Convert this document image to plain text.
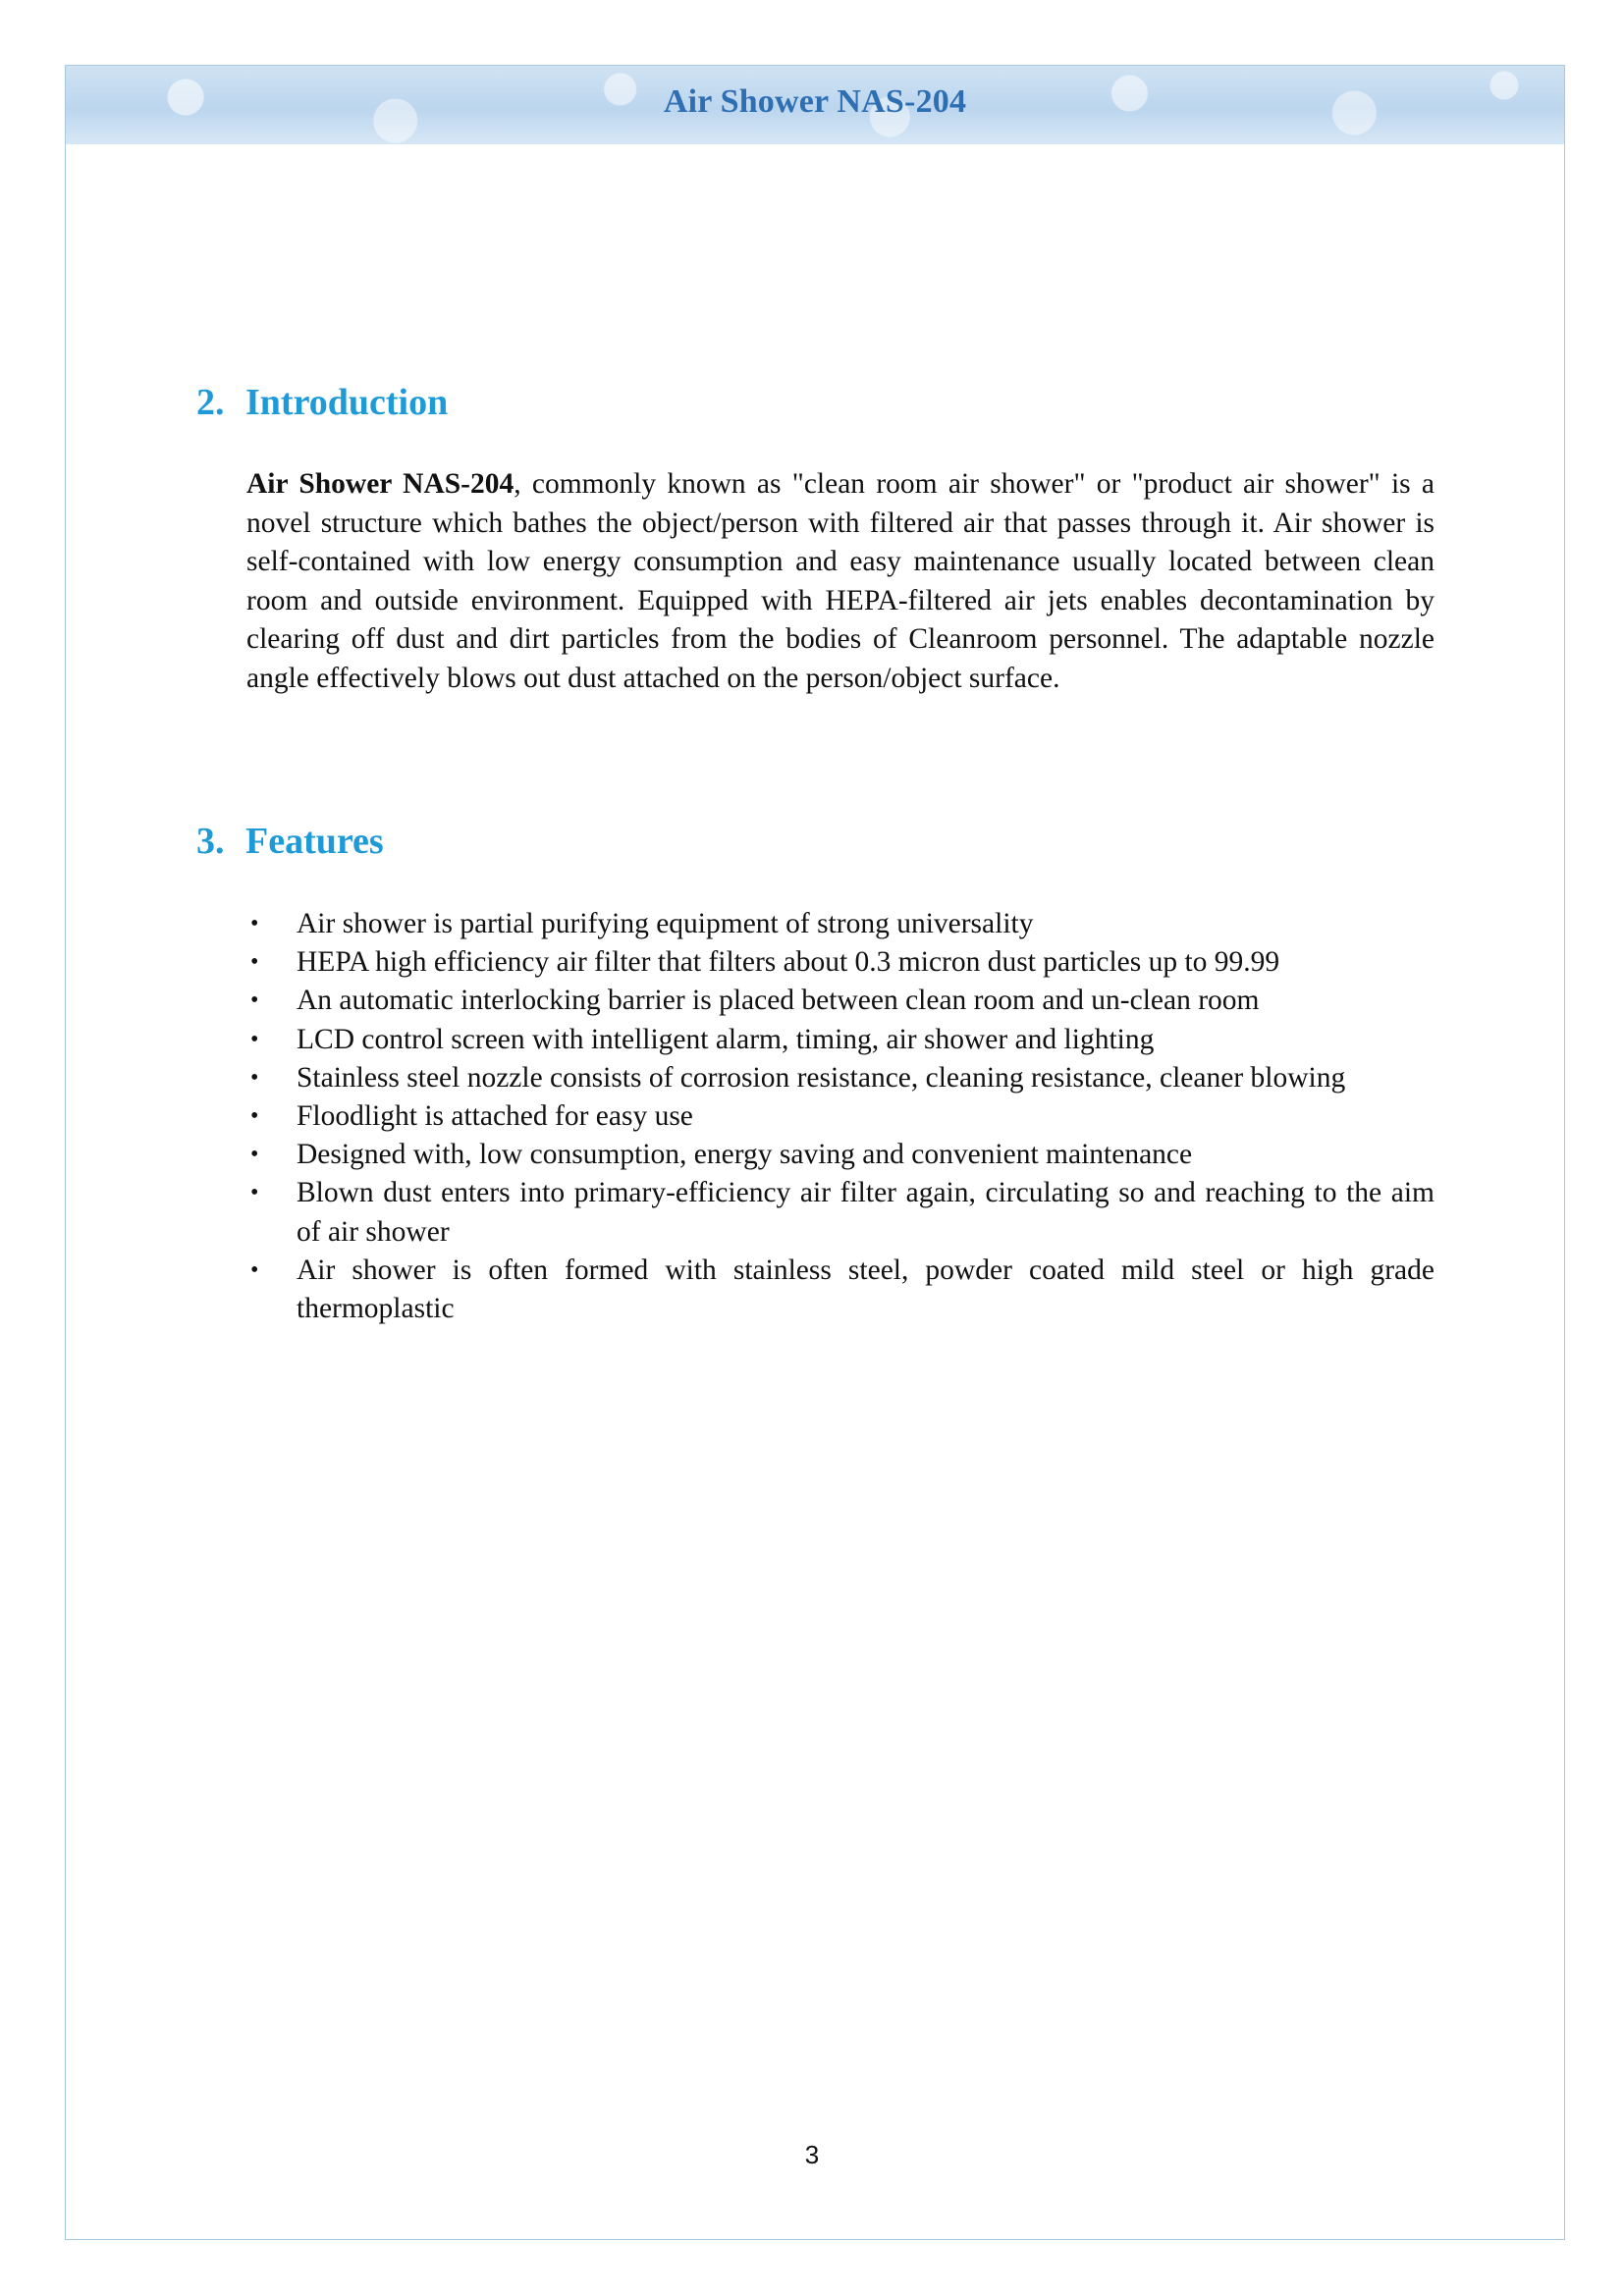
Air Shower NAS-204
2. Introduction

Air Shower NAS-204, commonly known as "clean room air shower" or "product air shower" is a novel structure which bathes the object/person with filtered air that passes through it. Air shower is self-contained with low energy consumption and easy maintenance usually located between clean room and outside environment. Equipped with HEPA-filtered air jets enables decontamination by clearing off dust and dirt particles from the bodies of Cleanroom personnel. The adaptable nozzle angle effectively blows out dust attached on the person/object surface.

3. Features
• Air shower is partial purifying equipment of strong universality
• HEPA high efficiency air filter that filters about 0.3 micron dust particles up to 99.99
• An automatic interlocking barrier is placed between clean room and un-clean room
• LCD control screen with intelligent alarm, timing, air shower and lighting
• Stainless steel nozzle consists of corrosion resistance, cleaning resistance, cleaner blowing
• Floodlight is attached for easy use
• Designed with, low consumption, energy saving and convenient maintenance
• Blown dust enters into primary-efficiency air filter again, circulating so and reaching to the aim of air shower
• Air shower is often formed with stainless steel, powder coated mild steel or high grade thermoplastic
3
